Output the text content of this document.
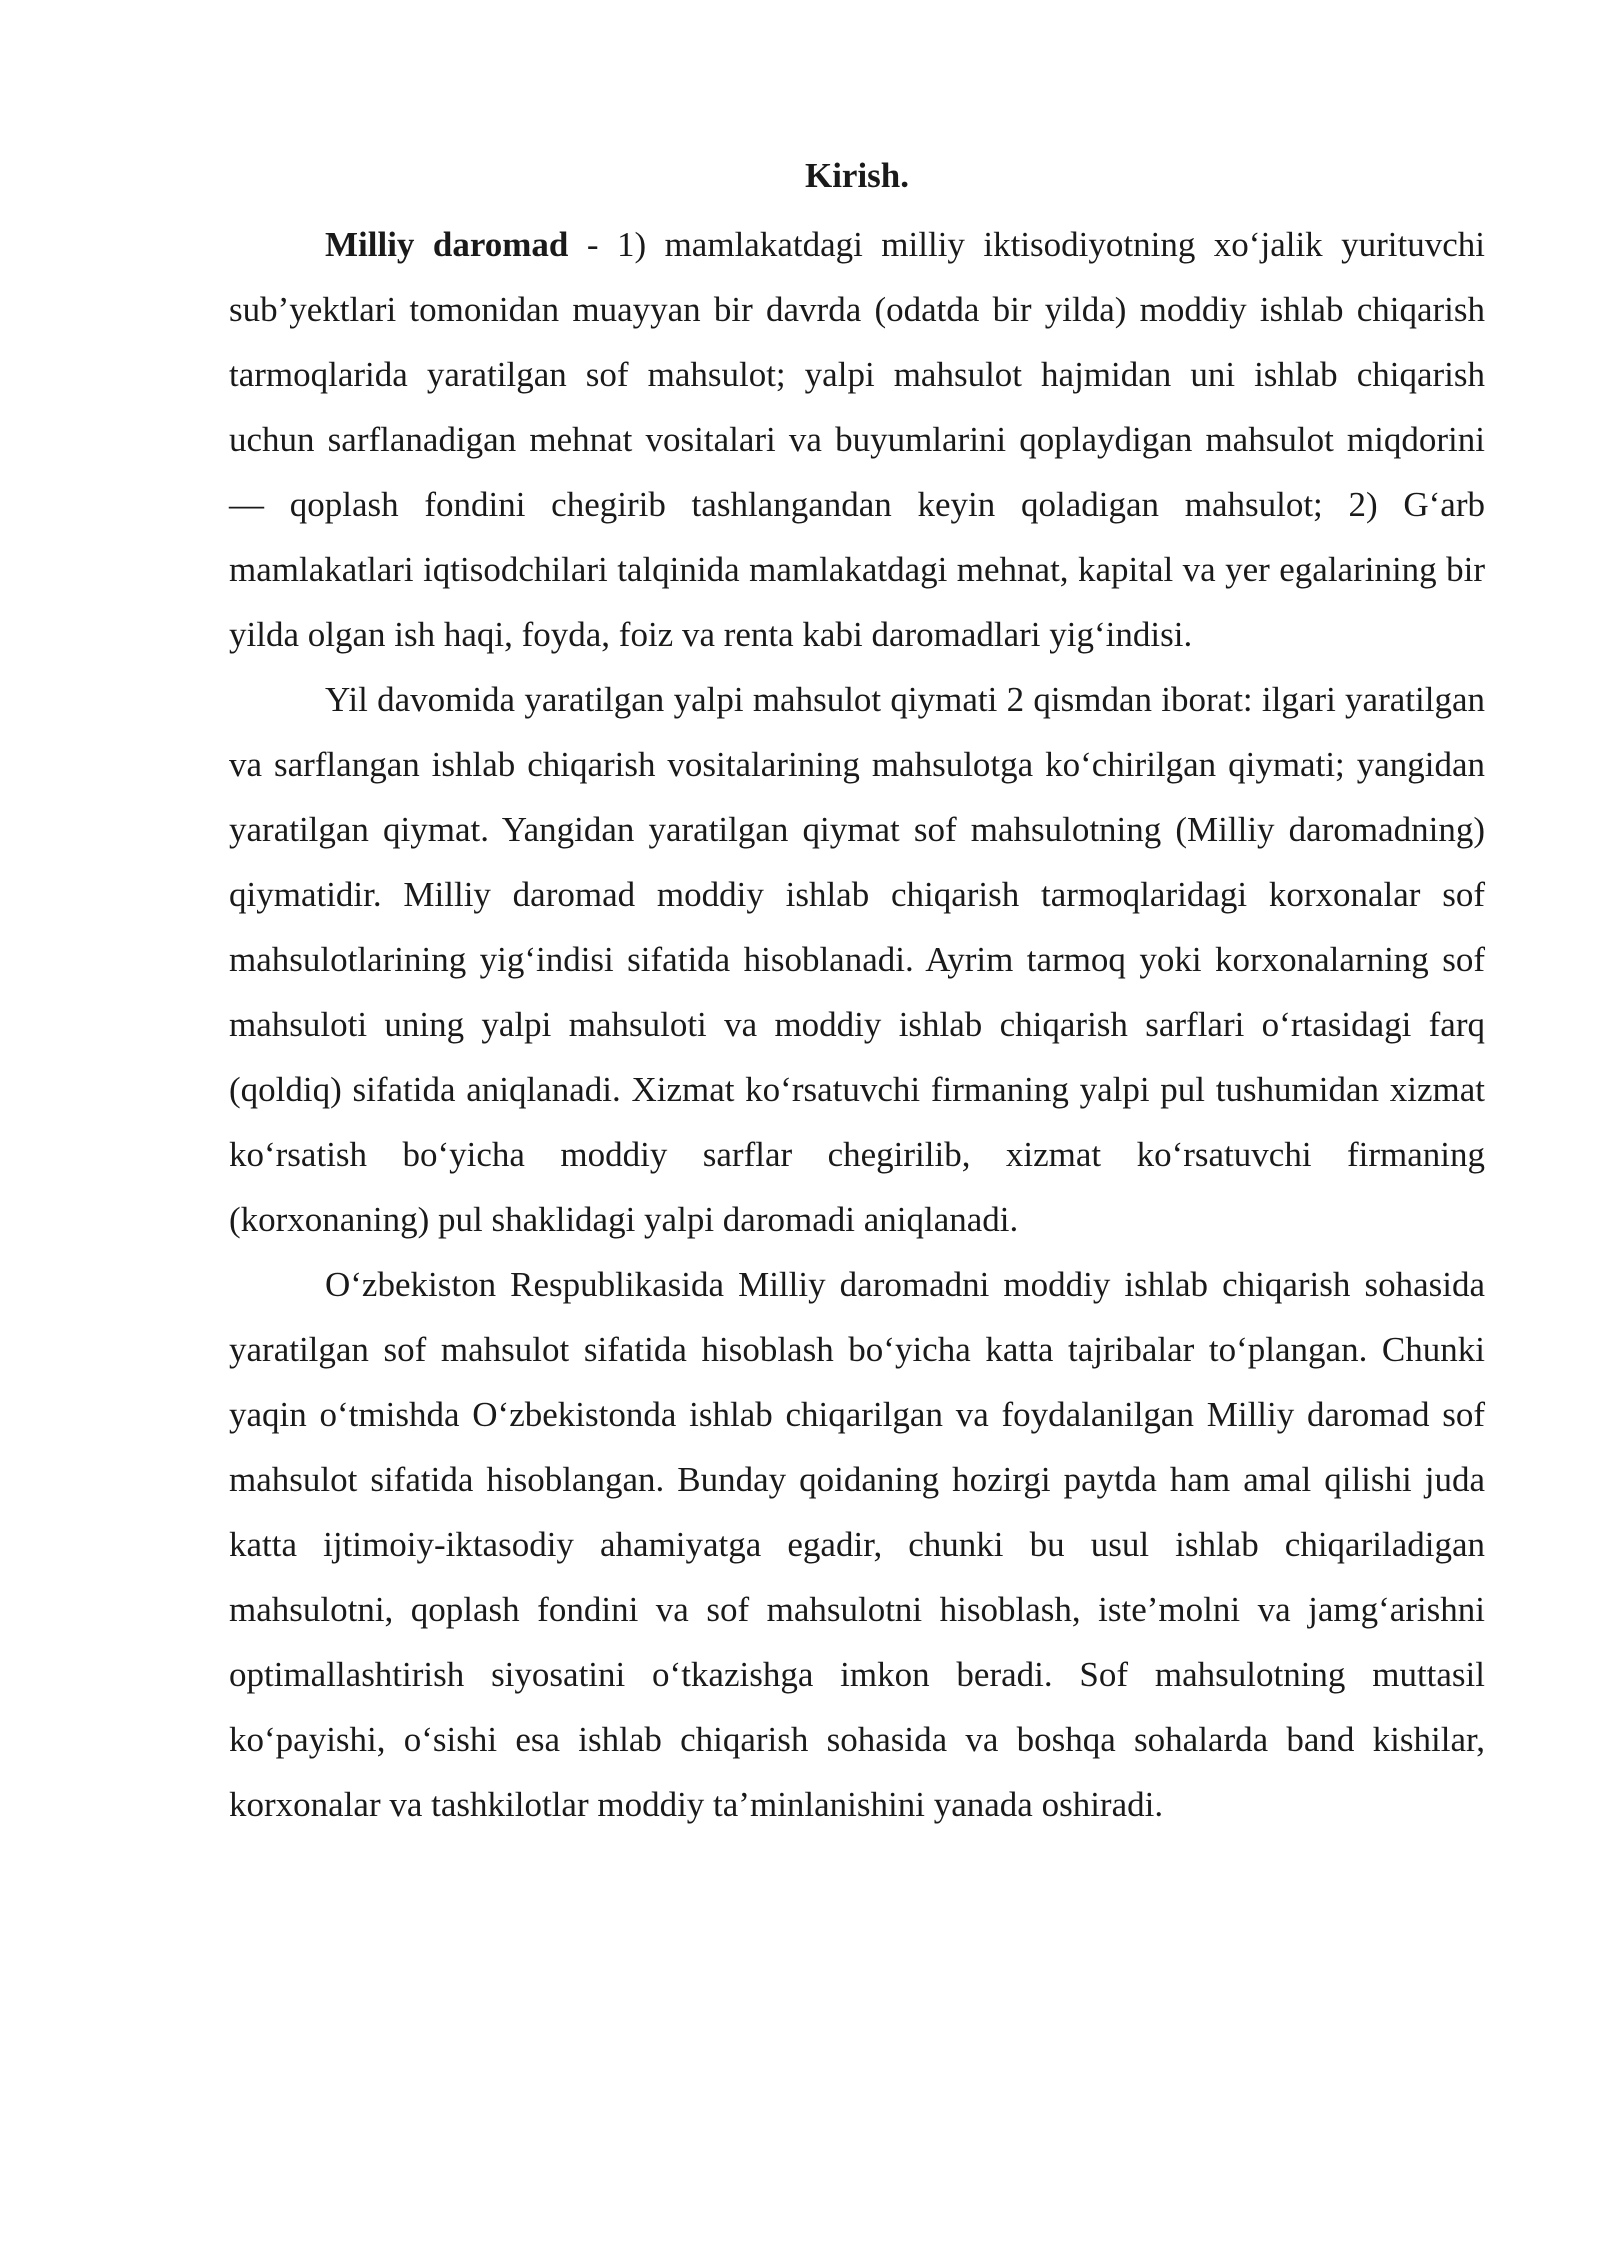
Kirish.

Milliy daromad - 1) mamlakatdagi milliy iktisodiyotning xo‘jalik yurituvchi sub’yektlari tomonidan muayyan bir davrda (odatda bir yilda) moddiy ishlab chiqarish tarmoqlarida yaratilgan sof mahsulot; yalpi mahsulot hajmidan uni ishlab chiqarish uchun sarflanadigan mehnat vositalari va buyumlarini qoplaydigan mahsulot miqdorini — qoplash fondini chegirib tashlangandan keyin qoladigan mahsulot; 2) G‘arb mamlakatlari iqtisodchilari talqinida mamlakatdagi mehnat, kapital va yer egalarining bir yilda olgan ish haqi, foyda, foiz va renta kabi daromadlari yig‘indisi.

Yil davomida yaratilgan yalpi mahsulot qiymati 2 qismdan iborat: ilgari yaratilgan va sarflangan ishlab chiqarish vositalarining mahsulotga ko‘chirilgan qiymati; yangidan yaratilgan qiymat. Yangidan yaratilgan qiymat sof mahsulotning (Milliy daromadning) qiymatidir. Milliy daromad moddiy ishlab chiqarish tarmoqlaridagi korxonalar sof mahsulotlarining yig‘indisi sifatida hisoblanadi. Ayrim tarmoq yoki korxonalarning sof mahsuloti uning yalpi mahsuloti va moddiy ishlab chiqarish sarflari o‘rtasidagi farq (qoldiq) sifatida aniqlanadi. Xizmat ko‘rsatuvchi firmaning yalpi pul tushumidan xizmat ko‘rsatish bo‘yicha moddiy sarflar chegirilib, xizmat ko‘rsatuvchi firmaning (korxonaning) pul shaklidagi yalpi daromadi aniqlanadi.

O‘zbekiston Respublikasida Milliy daromadni moddiy ishlab chiqarish sohasida yaratilgan sof mahsulot sifatida hisoblash bo‘yicha katta tajribalar to‘plangan. Chunki yaqin o‘tmishda O‘zbekistonda ishlab chiqarilgan va foydalanilgan Milliy daromad sof mahsulot sifatida hisoblangan. Bunday qoidaning hozirgi paytda ham amal qilishi juda katta ijtimoiy-iktasodiy ahamiyatga egadir, chunki bu usul ishlab chiqariladigan mahsulotni, qoplash fondini va sof mahsulotni hisoblash, iste’molni va jamg‘arishni optimallashtirish siyosatini o‘tkazishga imkon beradi. Sof mahsulotning muttasil ko‘payishi, o‘sishi esa ishlab chiqarish sohasida va boshqa sohalarda band kishilar, korxonalar va tashkilotlar moddiy ta’minlanishini yanada oshiradi.
